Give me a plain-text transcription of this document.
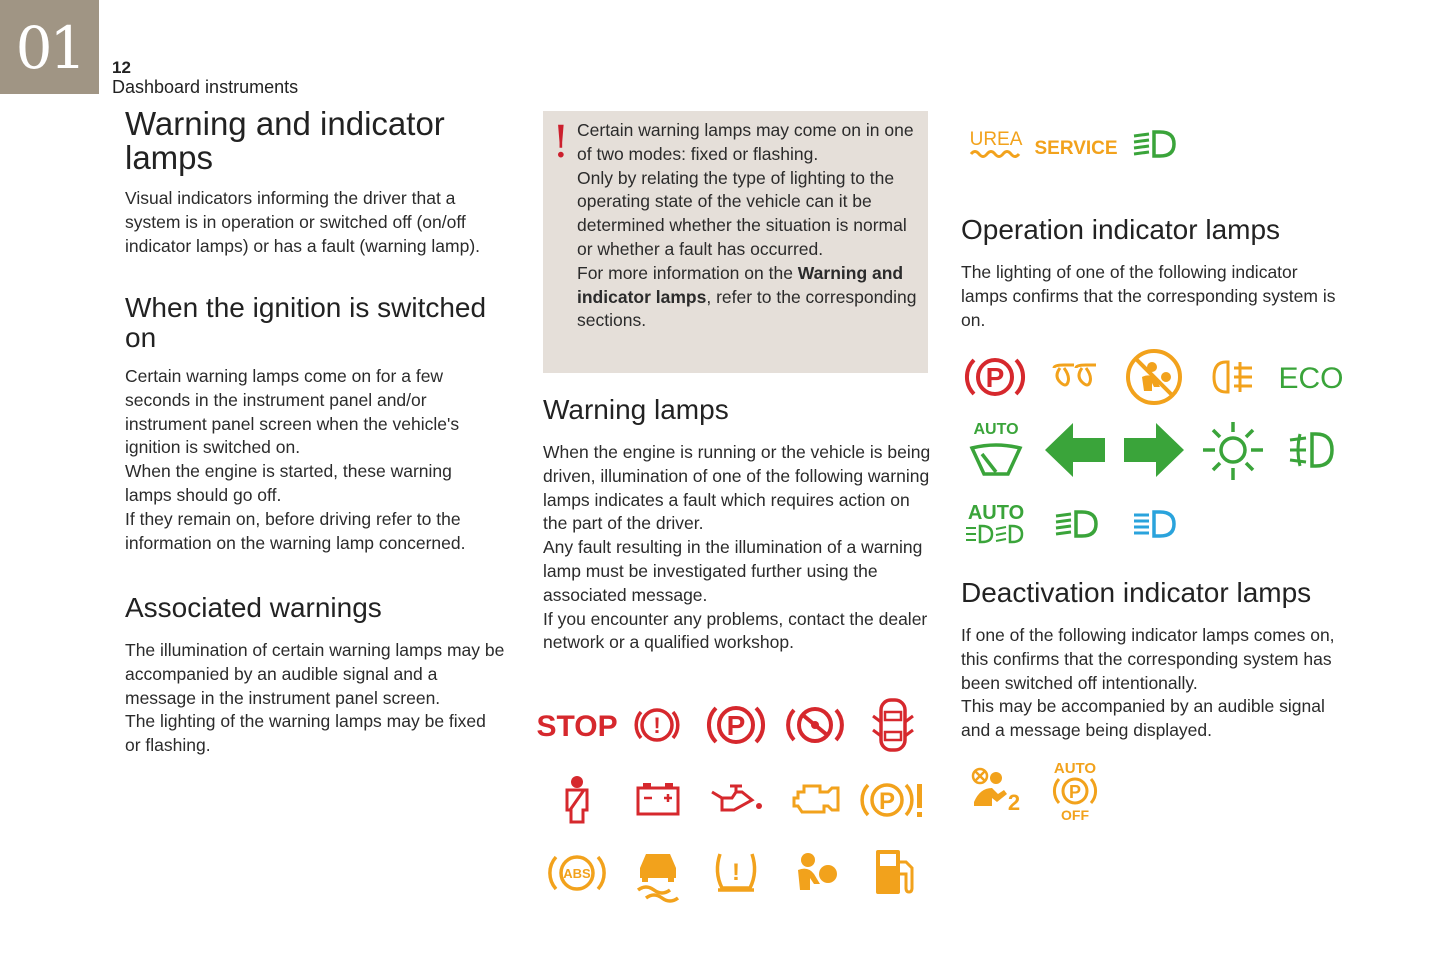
01	12
Dashboard instruments
Warning and indicator lamps

Visual indicators informing the driver that a system is in operation or switched off (on/off indicator lamps) or has a fault (warning lamp).

When the ignition is switched on

Certain warning lamps come on for a few seconds in the instrument panel and/or instrument panel screen when the vehicle's ignition is switched on.
When the engine is started, these warning lamps should go off.
If they remain on, before driving refer to the information on the warning lamp concerned.

Associated warnings

The illumination of certain warning lamps may be accompanied by an audible signal and a message in the instrument panel screen.
The lighting of the warning lamps may be fixed or flashing.

! Certain warning lamps may come on in one of two modes: fixed or flashing.
Only by relating the type of lighting to the operating state of the vehicle can it be determined whether the situation is normal or whether a fault has occurred.
For more information on the Warning and indicator lamps, refer to the corresponding sections.
Warning lamps

When the engine is running or the vehicle is being driven, illumination of one of the following warning lamps indicates a fault which requires action on the part of the driver.
Any fault resulting in the illumination of a warning lamp must be investigated further using the associated message.
If you encounter any problems, contact the dealer network or a qualified workshop.

STOP ! P
P
ABS	!
UREA SERVICE
Operation indicator lamps

The lighting of one of the following indicator lamps confirms that the corresponding system is on.

P	ECO
AUTO
AUTO
Deactivation indicator lamps

If one of the following indicator lamps comes on, this confirms that the corresponding system has been switched off intentionally.
This may be accompanied by an audible signal and a message being displayed.

2
AUTO
P
OFF
